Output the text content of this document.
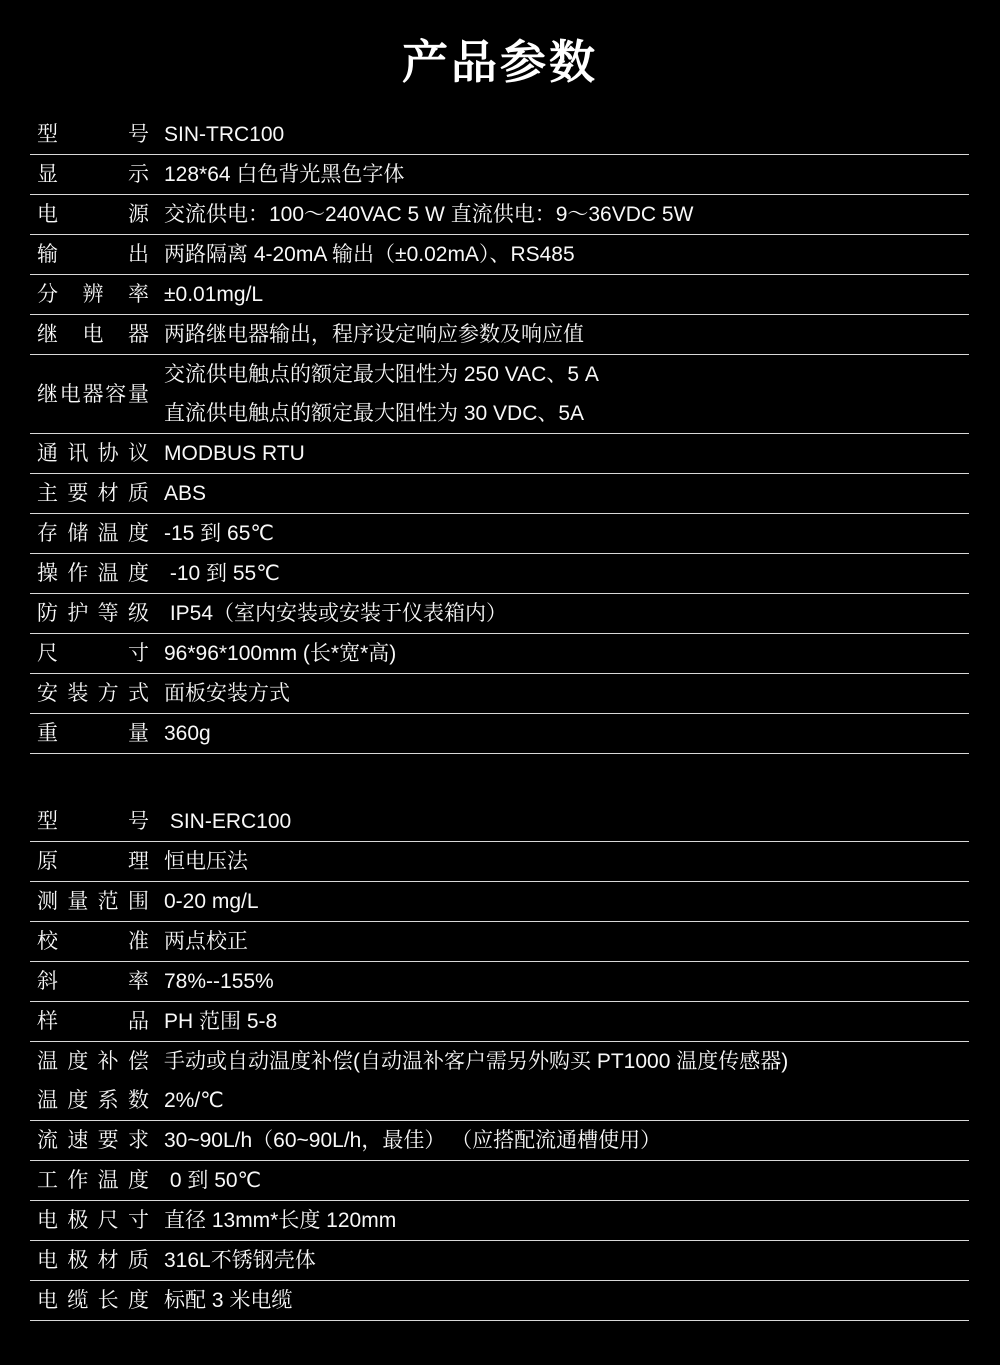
产品参数
型号 SIN-TRC100
显示 128*64 白色背光黑色字体
电源 交流供电：100～240VAC 5 W 直流供电：9～36VDC 5W
输出 两路隔离 4-20mA 输出（±0.02mA）、RS485
分辨率 ±0.01mg/L
继电器 两路继电器输出，程序设定响应参数及响应值
继电器容量
交流供电触点的额定最大阻性为 250 VAC、5 A
直流供电触点的额定最大阻性为 30 VDC、5A
通讯协议 MODBUS RTU
主要材质 ABS
存储温度 -15 到 65℃
操作温度 -10 到 55℃
防护等级 IP54（室内安装或安装于仪表箱内）
尺寸 96*96*100mm (长*宽*高)
安装方式 面板安装方式
重量 360g
型号 SIN-ERC100
原理 恒电压法
测量范围 0-20 mg/L
校准 两点校正
斜率 78%--155%
样品 PH 范围 5-8
温度补偿 手动或自动温度补偿(自动温补客户需另外购买 PT1000 温度传感器)
温度系数 2%/℃
流速要求 30~90L/h（60~90L/h，最佳） （应搭配流通槽使用）
工作温度 0 到 50℃
电极尺寸 直径 13mm*长度 120mm
电极材质 316L不锈钢壳体
电缆长度 标配 3 米电缆
